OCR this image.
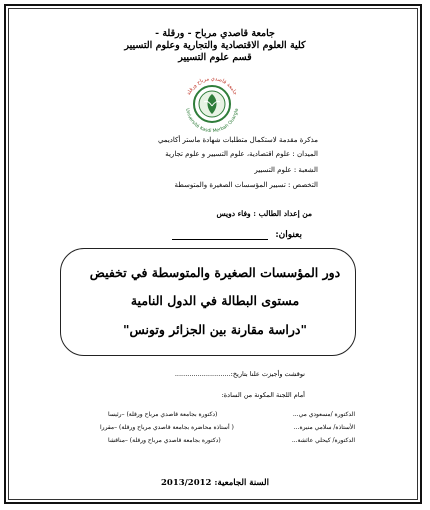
جامعة قاصدي مرباح - ورقلة -
كلية العلوم الاقتصادية والتجارية وعلوم التسيير
قسم علوم التسيير
جامعة قاصدي مرباح ورقلة
Université Kasdi Merbah Ouargla
مذكرة مقدمة لاستكمال متطلبات شهادة ماستر أكاديمي
الميدان : علوم اقتصادية، علوم التسيير و علوم تجارية
الشعبة : علوم التسيير
التخصص : تسيير المؤسسات الصغيرة والمتوسطة
من إعداد الطالب : وفاء دويس
بعنوان:
دور المؤسسات الصغيرة والمتوسطة في تخفيض
مستوى البطالة في الدول النامية
"دراسة مقارنة بين الجزائر وتونس"
نوقشت وأجيزت علنا بتاريخ:...........................
أمام اللجنة المكونة من السادة:
الدكتورة /مسعودي مي...
(دكتورة بجامعة قاصدي مرباح ورقلة) –رئيسا
الأستاذة/ سلامي منيرة...
( أستاذة محاضرة بجامعة قاصدي مرباح ورقلة) –مقررا
الدكتورة/ كيحلي عائشة...
(دكتورة بجامعة قاصدي مرباح ورقلة) –مناقشا
السنة الجامعية: 2013/2012
